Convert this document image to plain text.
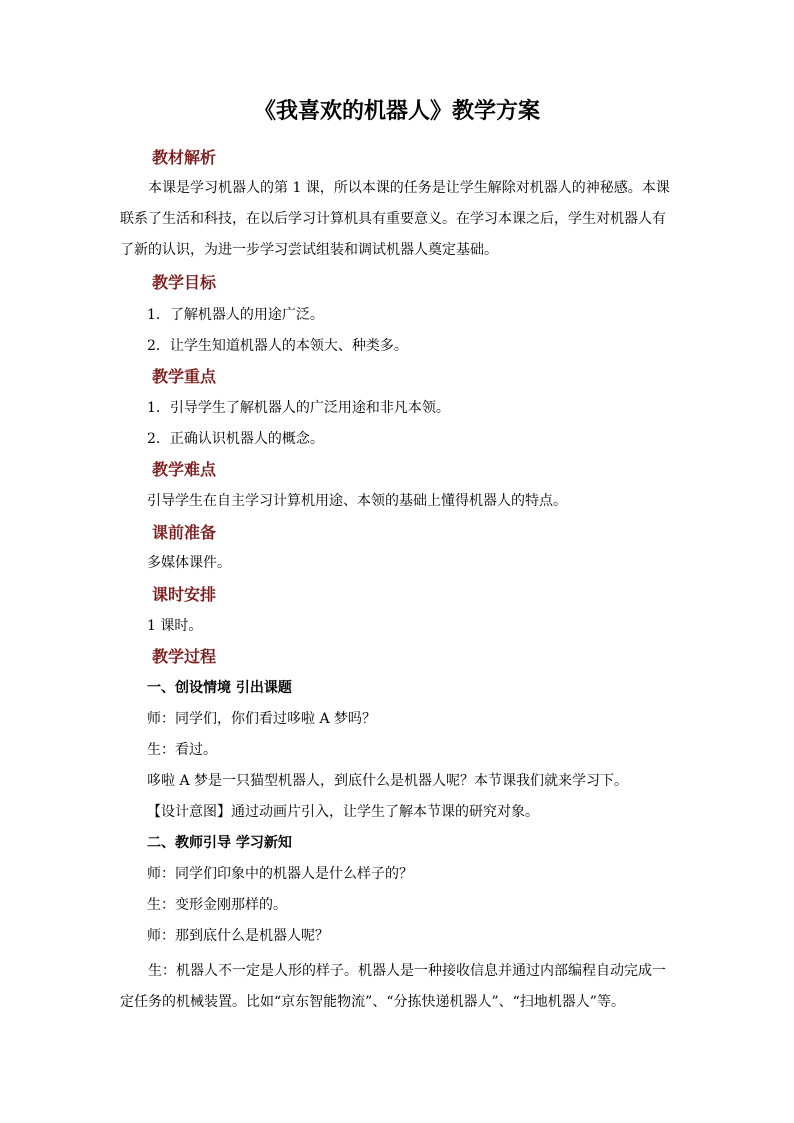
《我喜欢的机器人》教学方案
教材解析

本课是学习机器人的第 1 课，所以本课的任务是让学生解除对机器人的神秘感。本课联系了生活和科技，在以后学习计算机具有重要意义。在学习本课之后，学生对机器人有了新的认识，为进一步学习尝试组装和调试机器人奠定基础。

教学目标
1．了解机器人的用途广泛。
2．让学生知道机器人的本领大、种类多。
教学重点
1．引导学生了解机器人的广泛用途和非凡本领。
2．正确认识机器人的概念。
教学难点
引导学生在自主学习计算机用途、本领的基础上懂得机器人的特点。
课前准备
多媒体课件。
课时安排
1 课时。
教学过程
一、创设情境 引出课题
师：同学们，你们看过哆啦 A 梦吗？
生：看过。
哆啦 A 梦是一只猫型机器人，到底什么是机器人呢？本节课我们就来学习下。
【设计意图】通过动画片引入，让学生了解本节课的研究对象。
二、教师引导 学习新知
师：同学们印象中的机器人是什么样子的？
生：变形金刚那样的。
师：那到底什么是机器人呢？

生：机器人不一定是人形的样子。机器人是一种接收信息并通过内部编程自动完成一定任务的机械装置。比如“京东智能物流”、“分拣快递机器人”、“扫地机器人”等。
